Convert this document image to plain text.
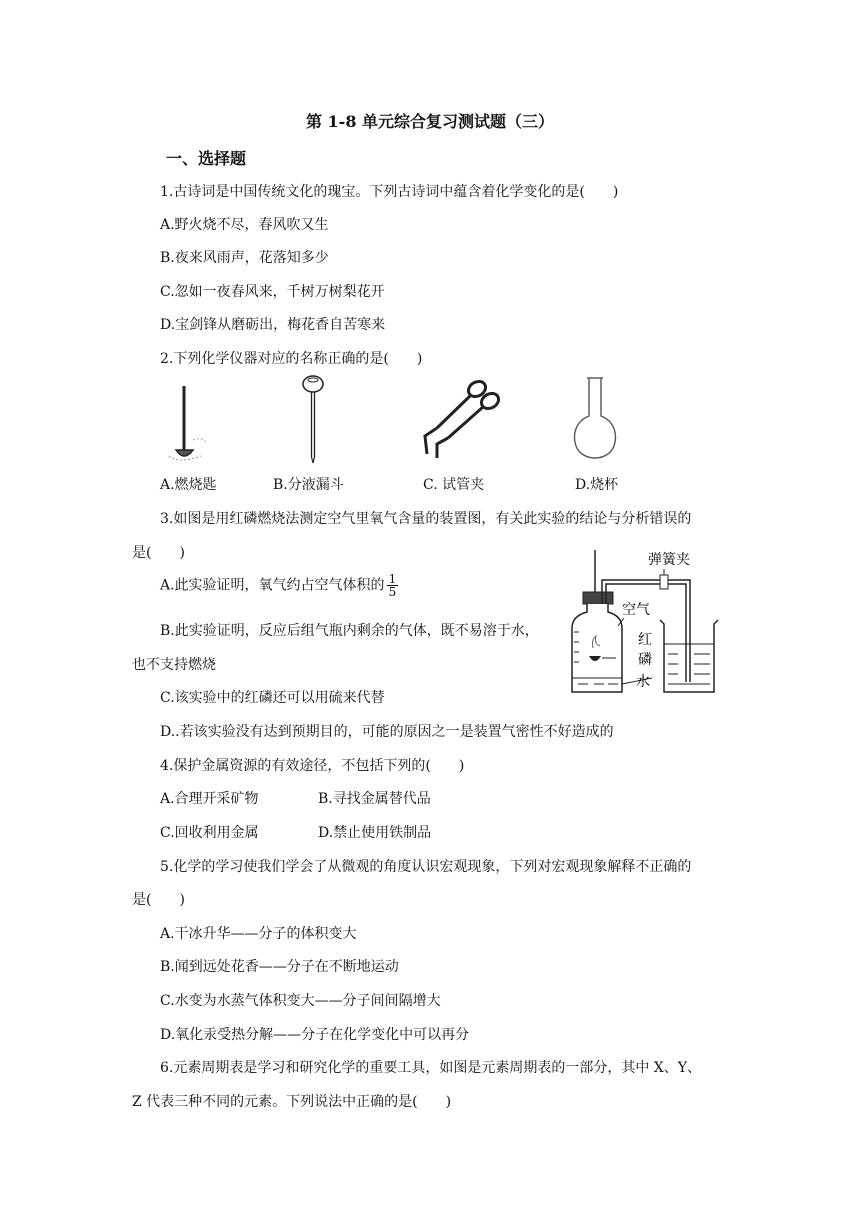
第 1-8 单元综合复习测试题（三）
一、选择题
1.古诗词是中国传统文化的瑰宝。下列古诗词中蕴含着化学变化的是(　　)
A.野火烧不尽，春风吹又生
B.夜来风雨声，花落知多少
C.忽如一夜春风来，千树万树梨花开
D.宝剑锋从磨砺出，梅花香自苦寒来
2.下列化学仪器对应的名称正确的是(　　)
A.燃烧匙	B.分液漏斗	C. 试管夹	D.烧杯
3.如图是用红磷燃烧法测定空气里氧气含量的装置图，有关此实验的结论与分析错误的
是(　　)
A.此实验证明，氧气约占空气体积的 $\frac{1}{5}$
B.此实验证明，反应后组气瓶内剩余的气体，既不易溶于水，
也不支持燃烧
C.该实验中的红磷还可以用硫来代替
D..若该实验没有达到预期目的，可能的原因之一是装置气密性不好造成的
弹簧夹
空气
红
磷
水
4.保护金属资源的有效途径，不包括下列的(　　)
A.合理开采矿物	B.寻找金属替代品
C.回收利用金属	D.禁止使用铁制品
5.化学的学习使我们学会了从微观的角度认识宏观现象，下列对宏观现象解释不正确的
是(　　)
A.干冰升华——分子的体积变大
B.闻到远处花香——分子在不断地运动
C.水变为水蒸气体积变大——分子间间隔增大
D.氧化汞受热分解——分子在化学变化中可以再分
6.元素周期表是学习和研究化学的重要工具，如图是元素周期表的一部分，其中 X、Y、
Z 代表三种不同的元素。下列说法中正确的是(　　)
